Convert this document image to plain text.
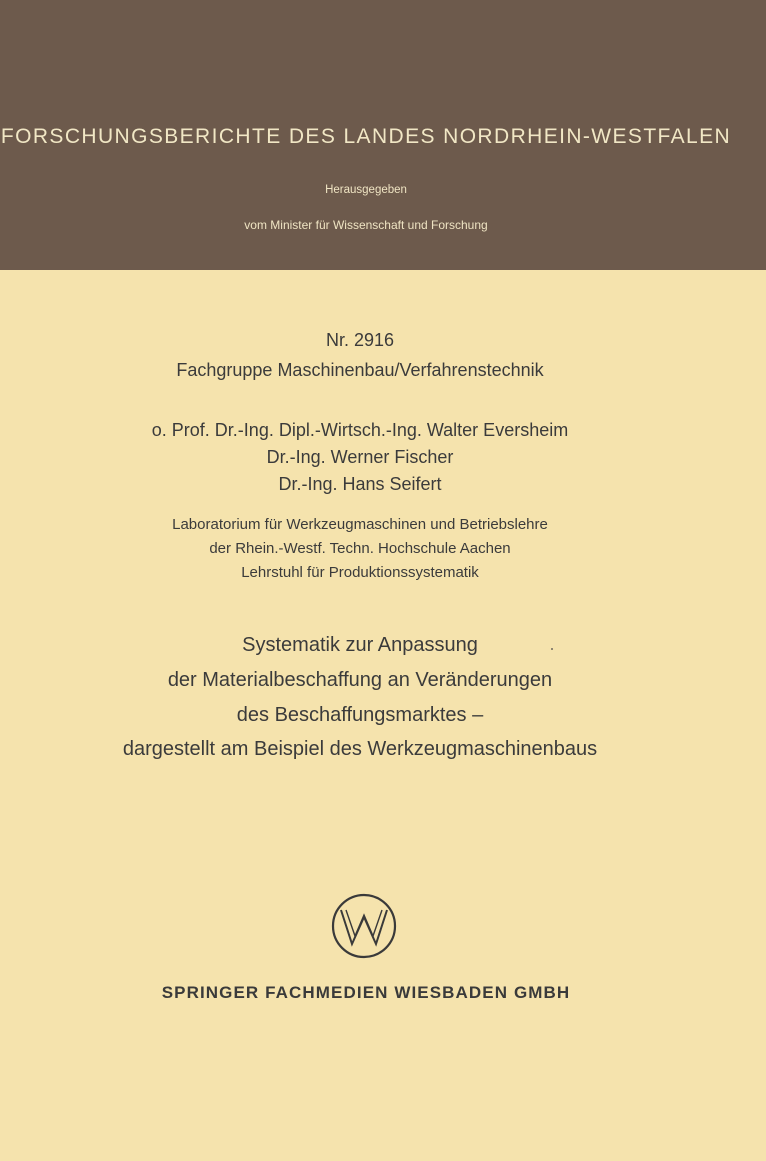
FORSCHUNGSBERICHTE DES LANDES NORDRHEIN-WESTFALEN
Herausgegeben
vom Minister für Wissenschaft und Forschung
Nr. 2916
Fachgruppe Maschinenbau/Verfahrenstechnik
o. Prof. Dr.-Ing. Dipl.-Wirtsch.-Ing. Walter Eversheim
Dr.-Ing. Werner Fischer
Dr.-Ing. Hans Seifert
Laboratorium für Werkzeugmaschinen und Betriebslehre
der Rhein.-Westf. Techn. Hochschule Aachen
Lehrstuhl für Produktionssystematik
Systematik zur Anpassung
der Materialbeschaffung an Veränderungen
des Beschaffungsmarktes –
dargestellt am Beispiel des Werkzeugmaschinenbaus
SPRINGER FACHMEDIEN WIESBADEN GMBH
